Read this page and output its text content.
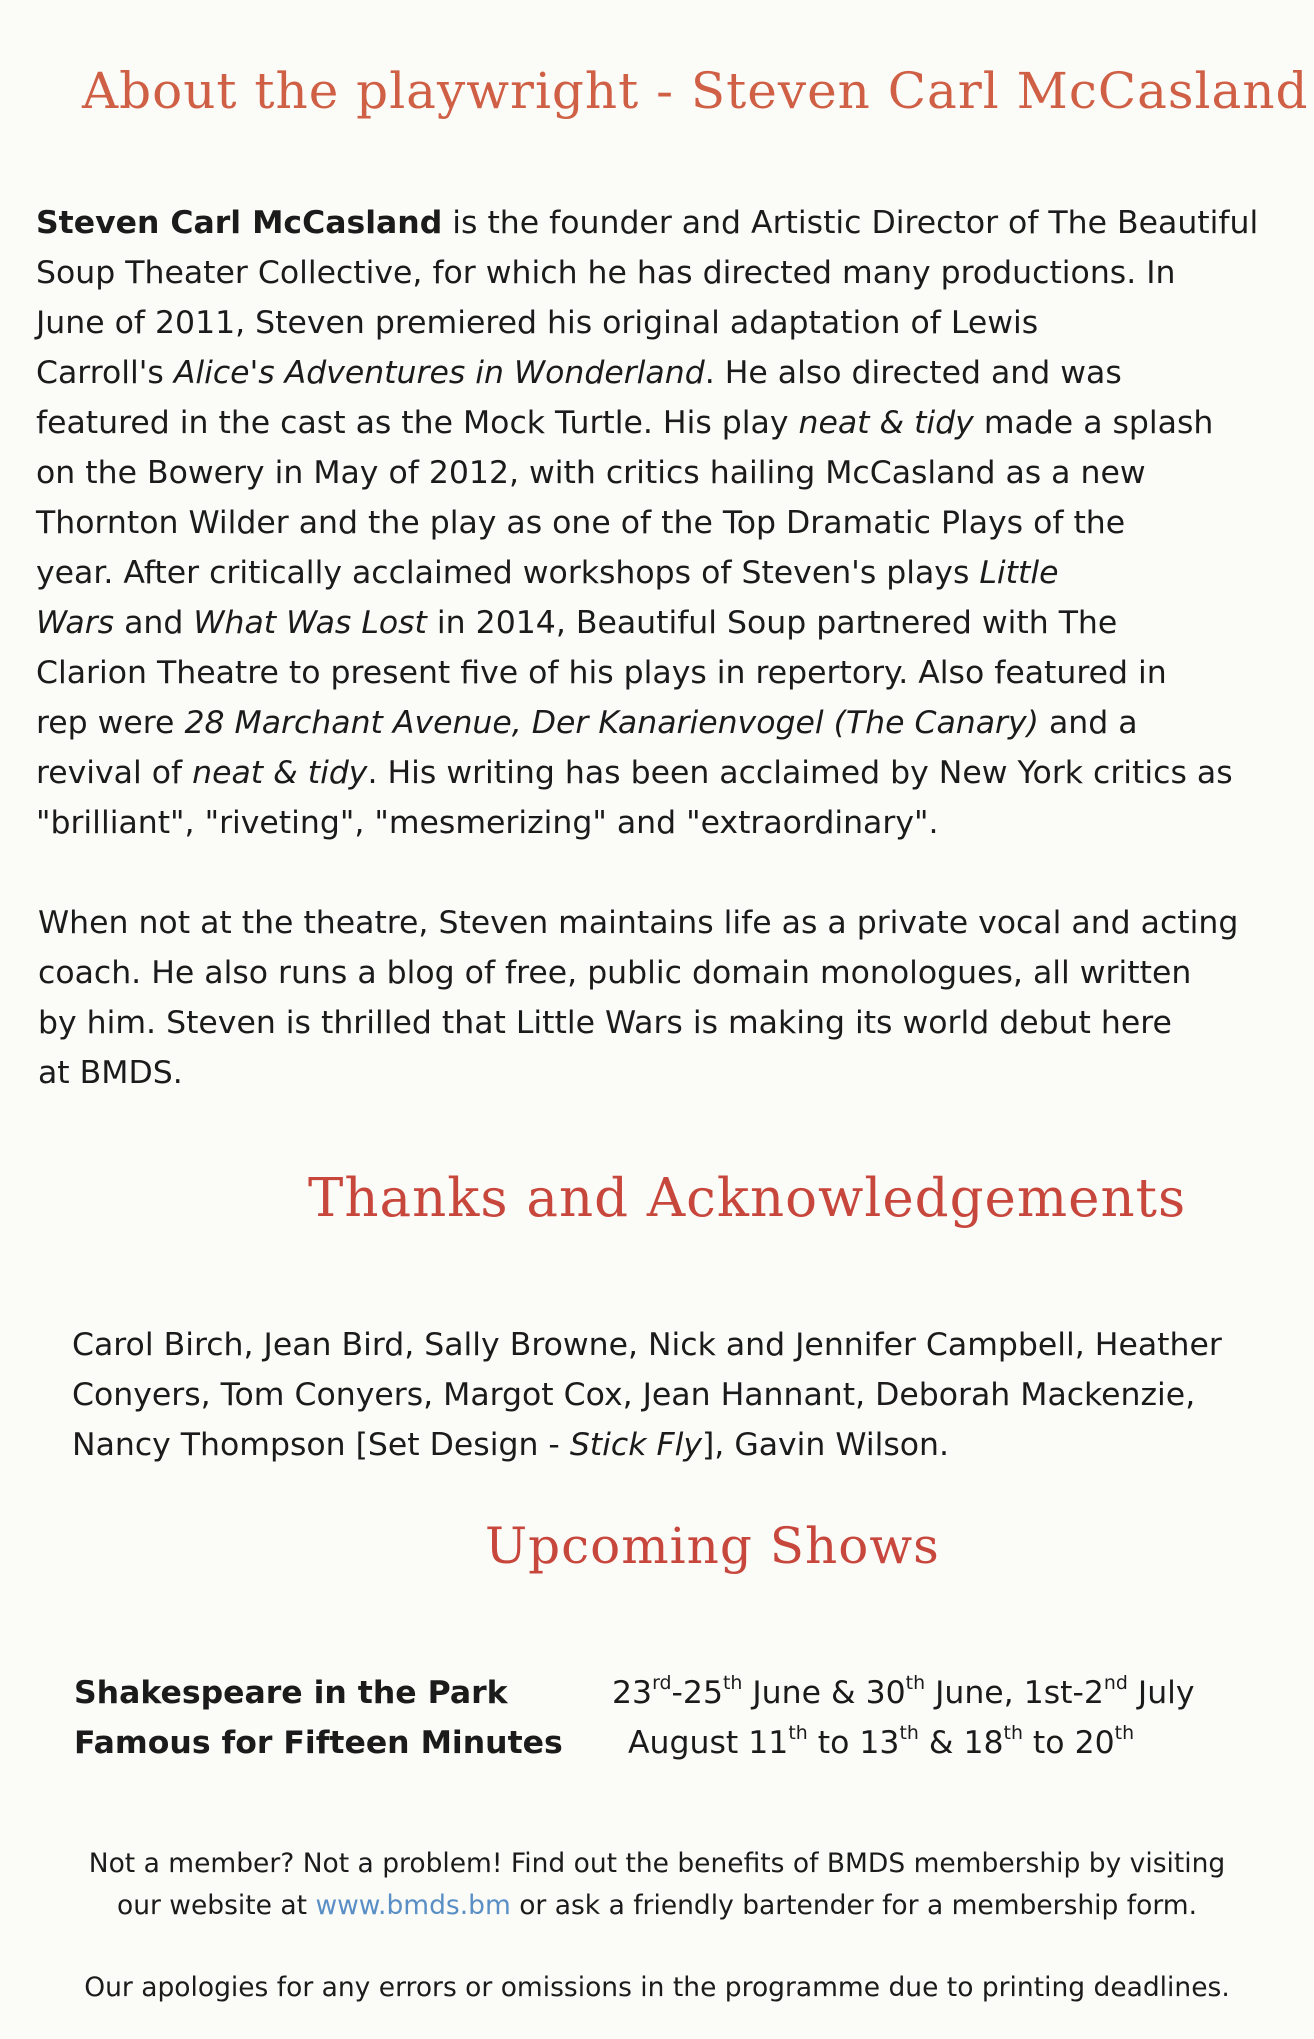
About the playwright - Steven Carl McCasland

Steven Carl McCasland is the founder and Artistic Director of The Beautiful
Soup Theater Collective, for which he has directed many productions. In
June of 2011, Steven premiered his original adaptation of Lewis
Carroll's Alice's Adventures in Wonderland. He also directed and was
featured in the cast as the Mock Turtle. His play neat & tidy made a splash
on the Bowery in May of 2012, with critics hailing McCasland as a new
Thornton Wilder and the play as one of the Top Dramatic Plays of the
year. After critically acclaimed workshops of Steven's plays Little
Wars and What Was Lost in 2014, Beautiful Soup partnered with The
Clarion Theatre to present five of his plays in repertory. Also featured in
rep were 28 Marchant Avenue, Der Kanarienvogel (The Canary) and a
revival of neat & tidy. His writing has been acclaimed by New York critics as
"brilliant", "riveting", "mesmerizing" and "extraordinary".

When not at the theatre, Steven maintains life as a private vocal and acting
coach. He also runs a blog of free, public domain monologues, all written
by him. Steven is thrilled that Little Wars is making its world debut here
at BMDS.

Thanks and Acknowledgements

Carol Birch, Jean Bird, Sally Browne, Nick and Jennifer Campbell, Heather
Conyers, Tom Conyers, Margot Cox, Jean Hannant, Deborah Mackenzie,
Nancy Thompson [Set Design - Stick Fly], Gavin Wilson.

Upcoming Shows
Shakespeare in the Park	23rd-25th June & 30th June, 1st-2nd July
Famous for Fifteen Minutes August 11th to 13th & 18th to 20th

Not a member? Not a problem! Find out the benefits of BMDS membership by visiting
our website at www.bmds.bm or ask a friendly bartender for a membership form.

Our apologies for any errors or omissions in the programme due to printing deadlines.
